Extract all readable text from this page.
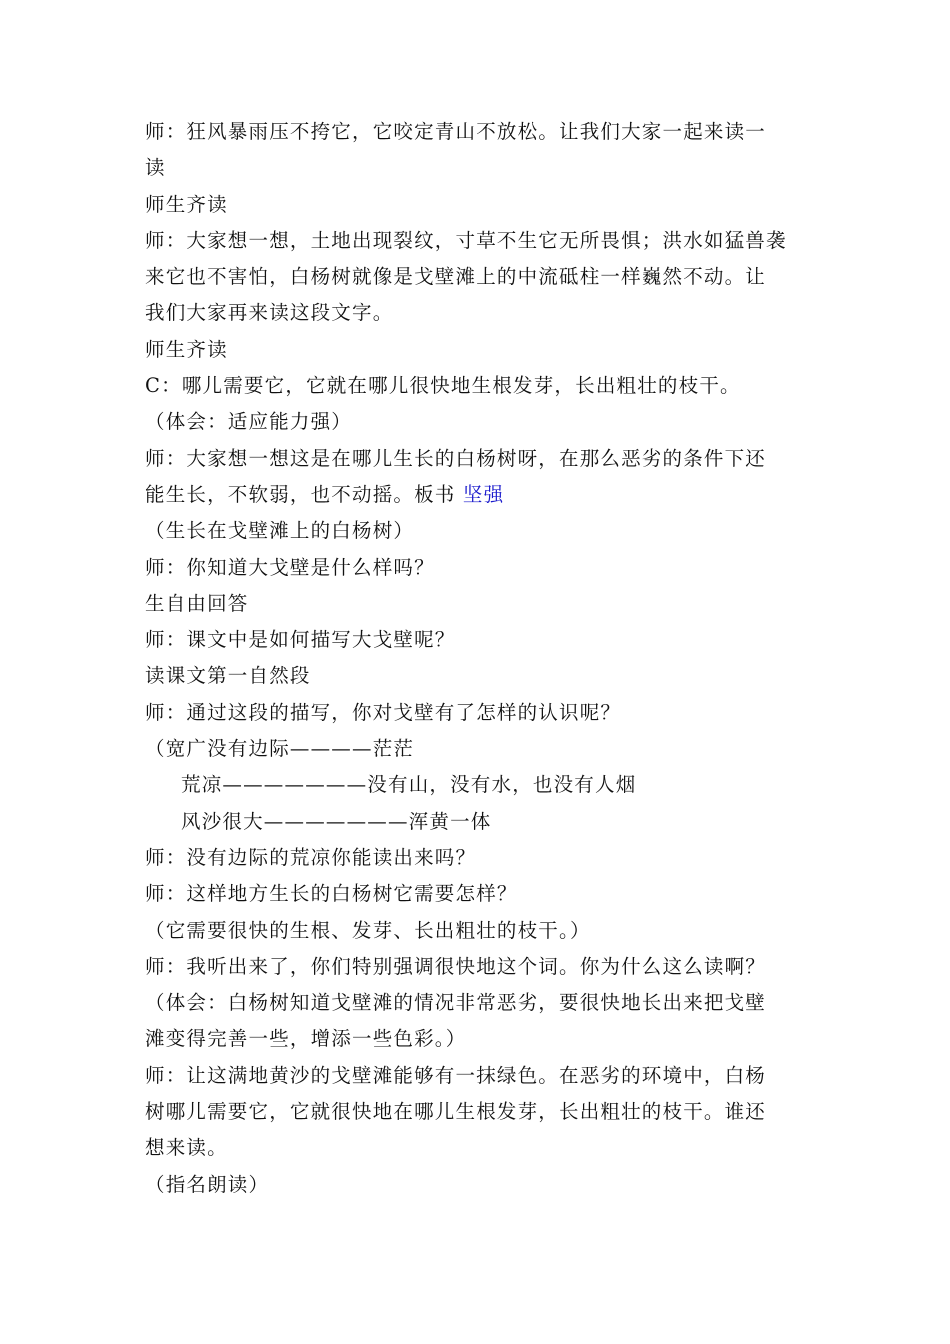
师：狂风暴雨压不挎它，它咬定青山不放松。让我们大家一起来读一
读
师生齐读
师：大家想一想，土地出现裂纹，寸草不生它无所畏惧；洪水如猛兽袭
来它也不害怕，白杨树就像是戈壁滩上的中流砥柱一样巍然不动。让
我们大家再来读这段文字。
师生齐读
C：哪儿需要它，它就在哪儿很快地生根发芽，长出粗壮的枝干。
（体会：适应能力强）
师：大家想一想这是在哪儿生长的白杨树呀，在那么恶劣的条件下还
能生长，不软弱，也不动摇。板书 坚强
（生长在戈壁滩上的白杨树）
师：你知道大戈壁是什么样吗？
生自由回答
师：课文中是如何描写大戈壁呢？
读课文第一自然段
师：通过这段的描写，你对戈壁有了怎样的认识呢？
（宽广没有边际————茫茫
荒凉———————没有山，没有水，也没有人烟
风沙很大———————浑黄一体
师：没有边际的荒凉你能读出来吗？
师：这样地方生长的白杨树它需要怎样？
（它需要很快的生根、发芽、长出粗壮的枝干。）
师：我听出来了，你们特别强调很快地这个词。你为什么这么读啊？
（体会：白杨树知道戈壁滩的情况非常恶劣，要很快地长出来把戈壁
滩变得完善一些，增添一些色彩。）
师：让这满地黄沙的戈壁滩能够有一抹绿色。在恶劣的环境中，白杨
树哪儿需要它，它就很快地在哪儿生根发芽，长出粗壮的枝干。谁还
想来读。
（指名朗读）
